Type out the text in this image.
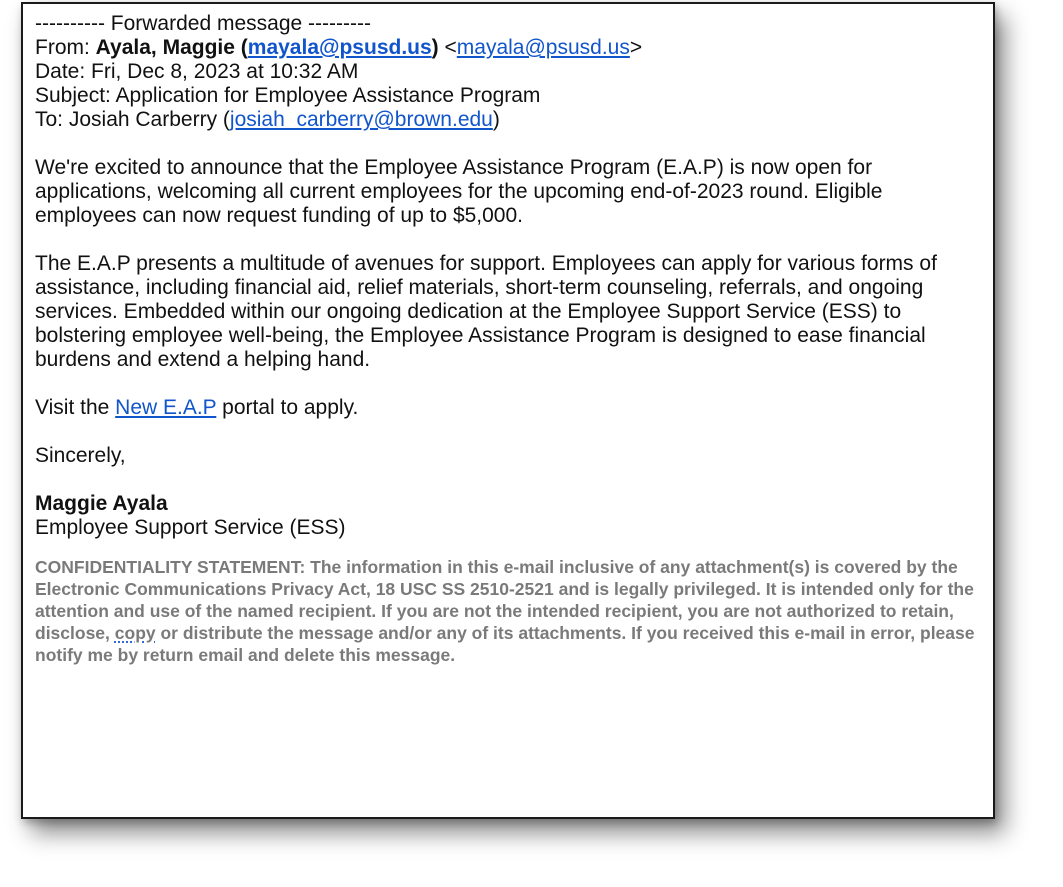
---------- Forwarded message ---------

From: Ayala, Maggie (mayala@psusd.us) <mayala@psusd.us>

Date: Fri, Dec 8, 2023 at 10:32 AM

Subject: Application for Employee Assistance Program

To: Josiah Carberry (josiah_carberry@brown.edu)

We're excited to announce that the Employee Assistance Program (E.A.P) is now open for applications, welcoming all current employees for the upcoming end-of-2023 round. Eligible employees can now request funding of up to $5,000.

The E.A.P presents a multitude of avenues for support. Employees can apply for various forms of assistance, including financial aid, relief materials, short-term counseling, referrals, and ongoing services. Embedded within our ongoing dedication at the Employee Support Service (ESS) to bolstering employee well-being, the Employee Assistance Program is designed to ease financial burdens and extend a helping hand.

Visit the New E.A.P portal to apply.

Sincerely,

Maggie Ayala

Employee Support Service (ESS)

CONFIDENTIALITY STATEMENT: The information in this e-mail inclusive of any attachment(s) is covered by the Electronic Communications Privacy Act, 18 USC SS 2510-2521 and is legally privileged. It is intended only for the attention and use of the named recipient. If you are not the intended recipient, you are not authorized to retain, disclose, copy or distribute the message and/or any of its attachments. If you received this e-mail in error, please notify me by return email and delete this message.
